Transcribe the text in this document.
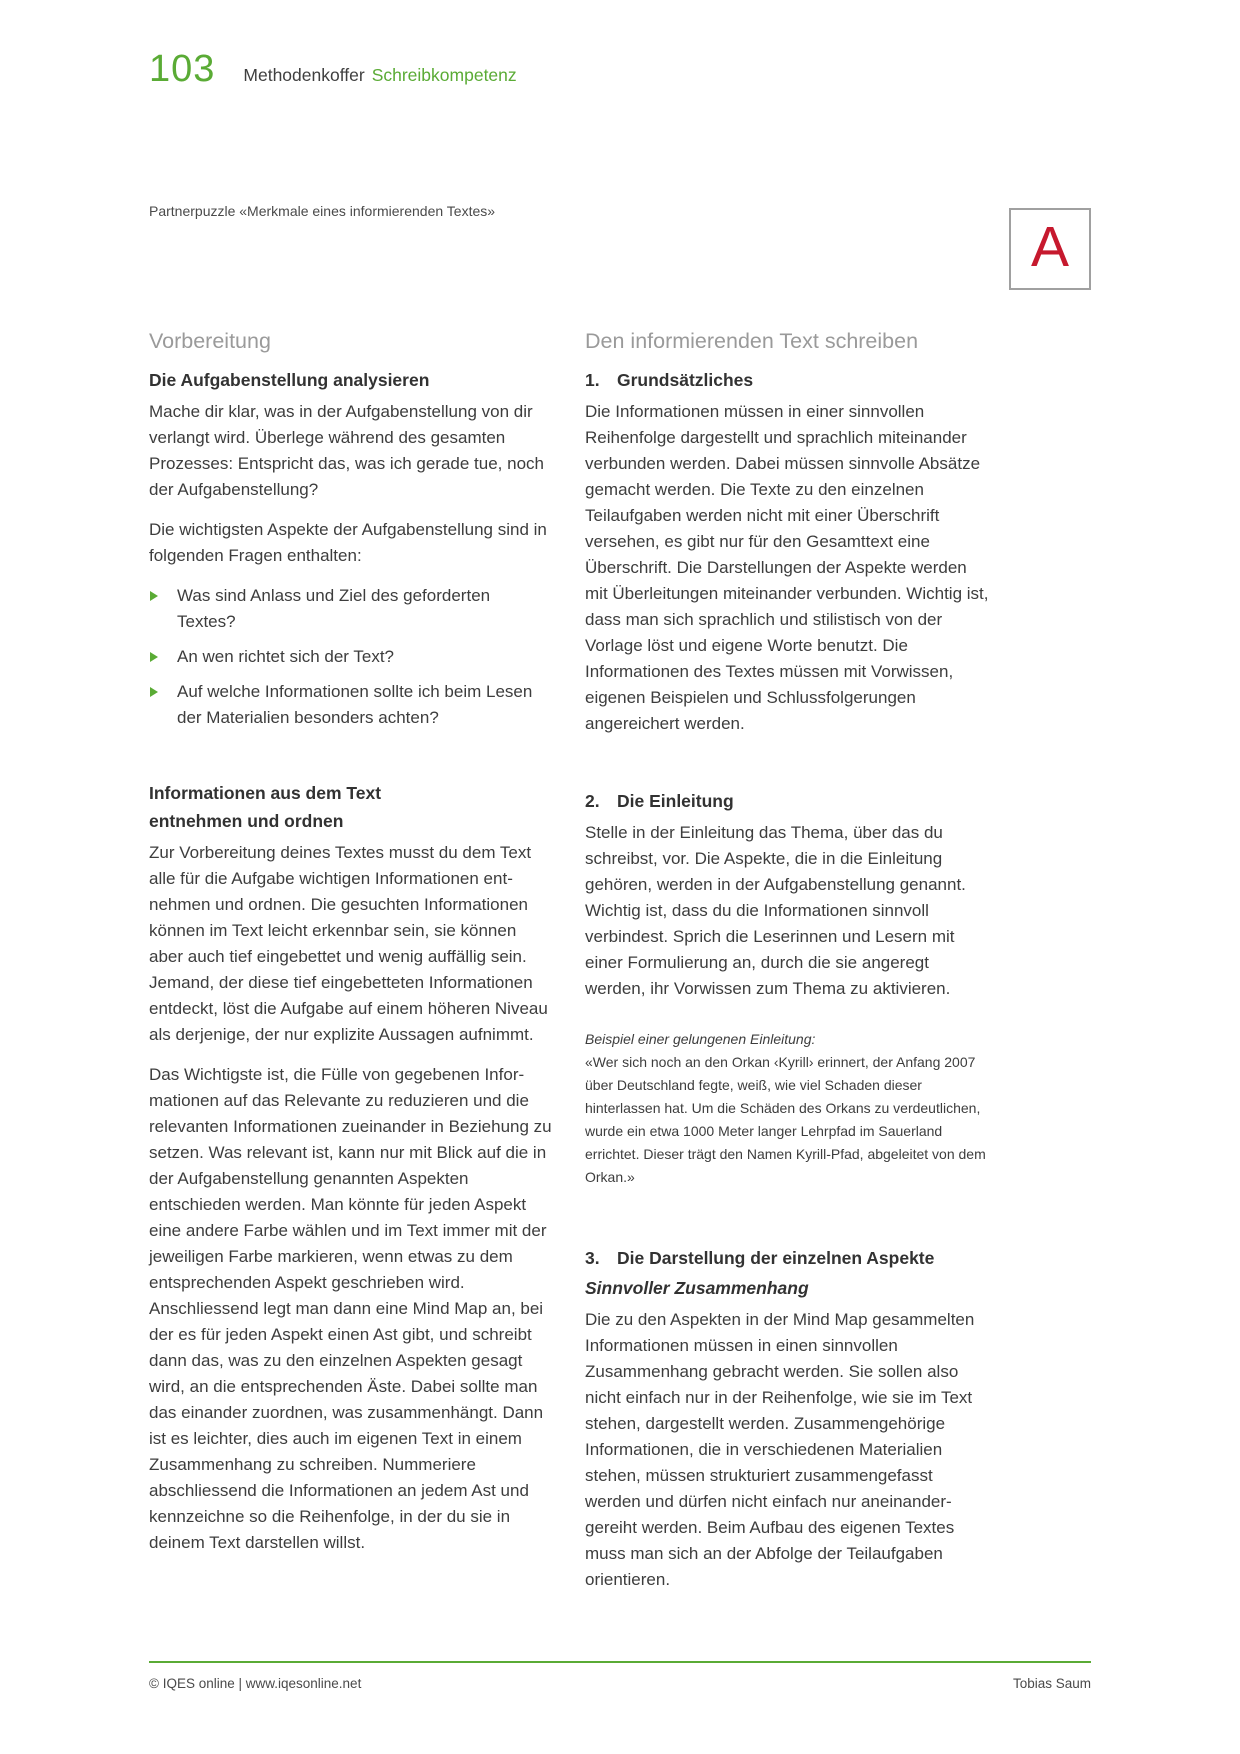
103 Methodenkoffer Schreibkompetenz
Partnerpuzzle «Merkmale eines informierenden Textes»
A
Vorbereitung
Die Aufgabenstellung analysieren

Mache dir klar, was in der Aufgabenstellung von dir verlangt wird. Überlege während des gesamten Prozesses: Entspricht das, was ich gerade tue, noch der Aufgabenstellung?

Die wichtigsten Aspekte der Aufgabenstellung sind in folgenden Fragen enthalten:

Was sind Anlass und Ziel des geforderten Textes?
An wen richtet sich der Text?
Auf welche Informationen sollte ich beim Lesen der Materialien besonders achten?
Informationen aus dem Text
entnehmen und ordnen

Zur Vorbereitung deines Textes musst du dem Text alle für die Aufgabe wichtigen Informationen entnehmen und ordnen. Die gesuchten Informationen können im Text leicht erkennbar sein, sie können aber auch tief eingebettet und wenig auffällig sein. Jemand, der diese tief eingebetteten Informationen entdeckt, löst die Aufgabe auf einem höheren Niveau als derjenige, der nur explizite Aussagen aufnimmt.

Das Wichtigste ist, die Fülle von gegebenen Informationen auf das Relevante zu reduzieren und die relevanten Informationen zueinander in Beziehung zu setzen. Was relevant ist, kann nur mit Blick auf die in der Aufgabenstellung genannten Aspekten entschieden werden. Man könnte für jeden Aspekt eine andere Farbe wählen und im Text immer mit der jeweiligen Farbe markieren, wenn etwas zu dem entsprechenden Aspekt geschrieben wird. Anschliessend legt man dann eine Mind Map an, bei der es für jeden Aspekt einen Ast gibt, und schreibt dann das, was zu den einzelnen Aspekten gesagt wird, an die entsprechenden Äste. Dabei sollte man das einander zuordnen, was zusammenhängt. Dann ist es leichter, dies auch im eigenen Text in einem Zusammenhang zu schreiben. Nummeriere abschliessend die Informationen an jedem Ast und kennzeichne so die Reihenfolge, in der du sie in deinem Text darstellen willst.

Den informierenden Text schreiben
1. Grundsätzliches

Die Informationen müssen in einer sinnvollen Reihenfolge dargestellt und sprachlich miteinander verbunden werden. Dabei müssen sinnvolle Absätze gemacht werden. Die Texte zu den einzelnen Teilaufgaben werden nicht mit einer Überschrift versehen, es gibt nur für den Gesamttext eine Überschrift. Die Darstellungen der Aspekte werden mit Überleitungen miteinander verbunden. Wichtig ist, dass man sich sprachlich und stilistisch von der Vorlage löst und eigene Worte benutzt. Die Informationen des Textes müssen mit Vorwissen, eigenen Beispielen und Schlussfolgerungen angereichert werden.

2. Die Einleitung

Stelle in der Einleitung das Thema, über das du schreibst, vor. Die Aspekte, die in die Einleitung gehören, werden in der Aufgabenstellung genannt. Wichtig ist, dass du die Informationen sinnvoll verbindest. Sprich die Leserinnen und Lesern mit einer Formulierung an, durch die sie angeregt werden, ihr Vorwissen zum Thema zu aktivieren.

Beispiel einer gelungenen Einleitung:
«Wer sich noch an den Orkan ‹Kyrill› erinnert, der Anfang 2007 über Deutschland fegte, weiß, wie viel Schaden dieser hinterlassen hat. Um die Schäden des Orkans zu verdeutlichen, wurde ein etwa 1000 Meter langer Lehrpfad im Sauerland errichtet. Dieser trägt den Namen Kyrill-Pfad, abgeleitet von dem Orkan.»
3. Die Darstellung der einzelnen Aspekte
Sinnvoller Zusammenhang

Die zu den Aspekten in der Mind Map gesammelten Informationen müssen in einen sinnvollen Zusammenhang gebracht werden. Sie sollen also nicht einfach nur in der Reihenfolge, wie sie im Text stehen, dargestellt werden. Zusammengehörige Informationen, die in verschiedenen Materialien stehen, müssen strukturiert zusammengefasst werden und dürfen nicht einfach nur aneinandergereiht werden. Beim Aufbau des eigenen Textes muss man sich an der Abfolge der Teilaufgaben orientieren.

© IQES online | www.iqesonline.net	Tobias Saum
